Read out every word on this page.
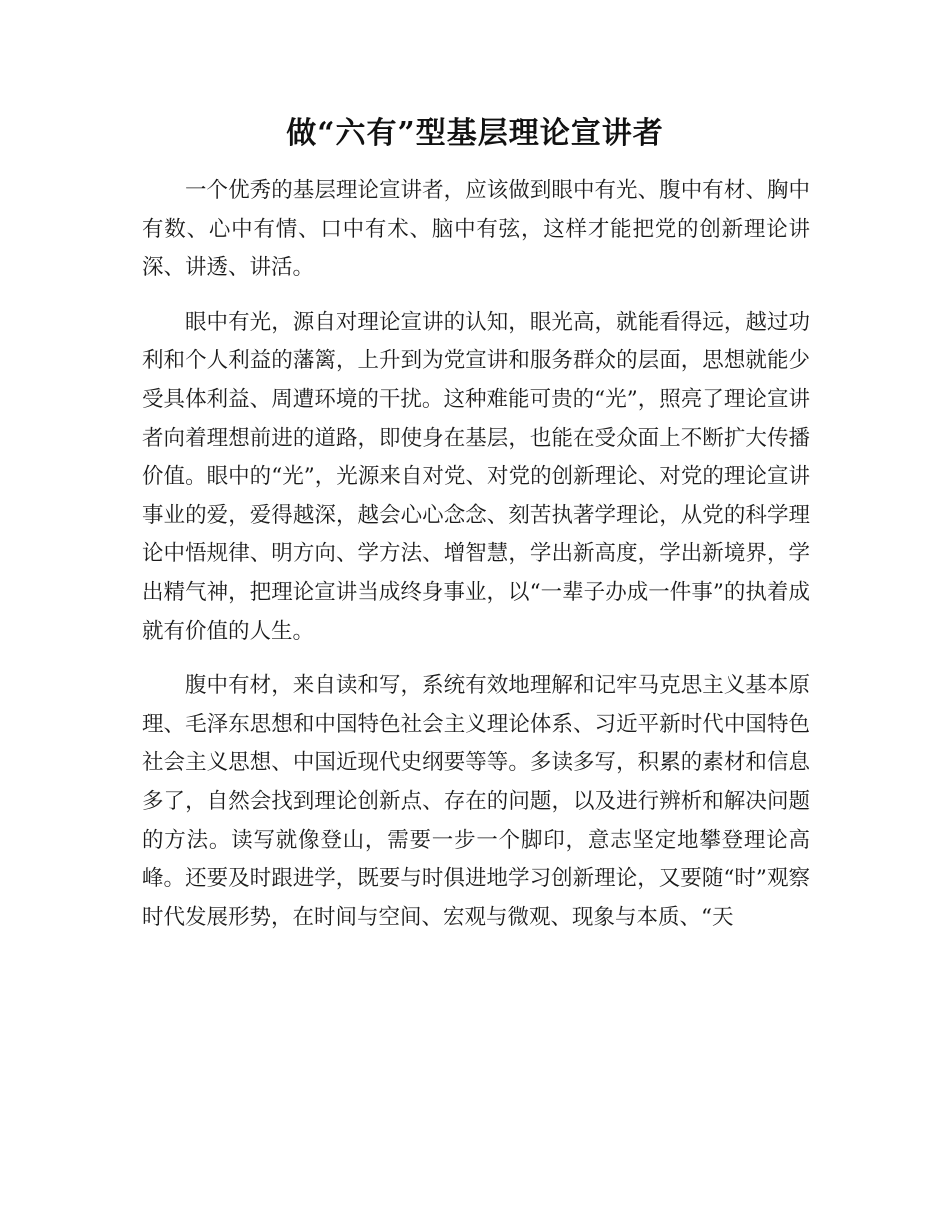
做“六有”型基层理论宣讲者

一个优秀的基层理论宣讲者，应该做到眼中有光、腹中有材、胸中有数、心中有情、口中有术、脑中有弦，这样才能把党的创新理论讲深、讲透、讲活。

眼中有光，源自对理论宣讲的认知，眼光高，就能看得远，越过功利和个人利益的藩篱，上升到为党宣讲和服务群众的层面，思想就能少受具体利益、周遭环境的干扰。这种难能可贵的“光”，照亮了理论宣讲者向着理想前进的道路，即使身在基层，也能在受众面上不断扩大传播价值。眼中的“光”，光源来自对党、对党的创新理论、对党的理论宣讲事业的爱，爱得越深，越会心心念念、刻苦执著学理论，从党的科学理论中悟规律、明方向、学方法、增智慧，学出新高度，学出新境界，学出精气神，把理论宣讲当成终身事业，以“一辈子办成一件事”的执着成就有价值的人生。

腹中有材，来自读和写，系统有效地理解和记牢马克思主义基本原理、毛泽东思想和中国特色社会主义理论体系、习近平新时代中国特色社会主义思想、中国近现代史纲要等等。多读多写，积累的素材和信息多了，自然会找到理论创新点、存在的问题，以及进行辨析和解决问题的方法。读写就像登山，需要一步一个脚印，意志坚定地攀登理论高峰。还要及时跟进学，既要与时俱进地学习创新理论，又要随“时”观察时代发展形势，在时间与空间、宏观与微观、现象与本质、“天
